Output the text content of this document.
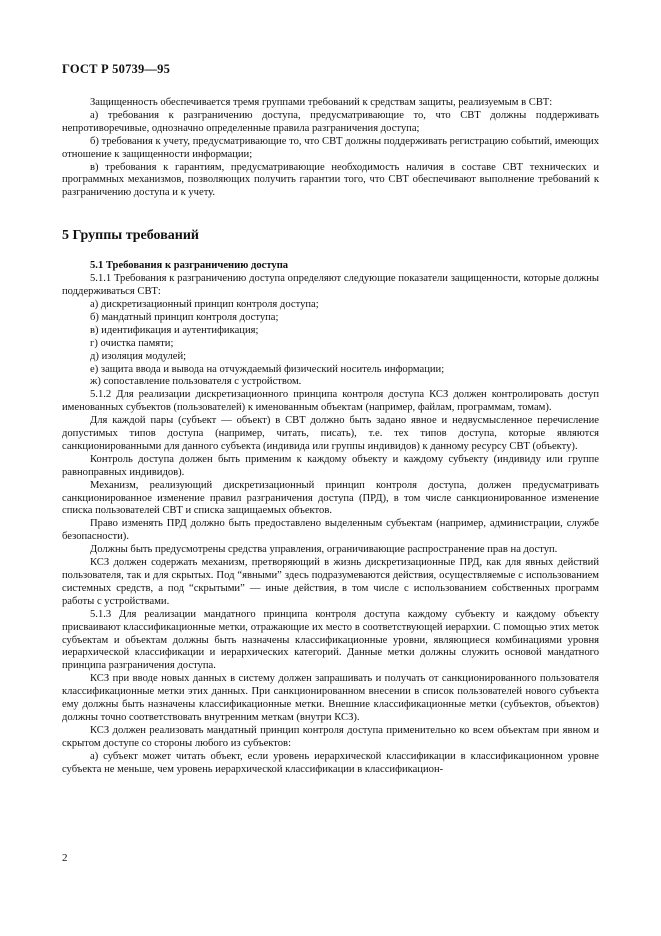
ГОСТ Р 50739—95

Защищенность обеспечивается тремя группами требований к средствам защиты, реализуемым в СВТ:

а) требования к разграничению доступа, предусматривающие то, что СВТ должны поддерживать непротиворечивые, однозначно определенные правила разграничения доступа;

б) требования к учету, предусматривающие то, что СВТ должны поддерживать регистрацию событий, имеющих отношение к защищенности информации;

в) требования к гарантиям, предусматривающие необходимость наличия в составе СВТ технических и программных механизмов, позволяющих получить гарантии того, что СВТ обеспечивают выполнение требований к разграничению доступа и к учету.

5 Группы требований

5.1 Требования к разграничению доступа

5.1.1 Требования к разграничению доступа определяют следующие показатели защищенности, которые должны поддерживаться СВТ:

а) дискретизационный принцип контроля доступа;

б) мандатный принцип контроля доступа;

в) идентификация и аутентификация;

г) очистка памяти;

д) изоляция модулей;

е) защита ввода и вывода на отчуждаемый физический носитель информации;

ж) сопоставление пользователя с устройством.

5.1.2 Для реализации дискретизационного принципа контроля доступа КСЗ должен контролировать доступ именованных субъектов (пользователей) к именованным объектам (например, файлам, программам, томам).

Для каждой пары (субъект — объект) в СВТ должно быть задано явное и недвусмысленное перечисление допустимых типов доступа (например, читать, писать), т.е. тех типов доступа, которые являются санкционированными для данного субъекта (индивида или группы индивидов) к данному ресурсу СВТ (объекту).

Контроль доступа должен быть применим к каждому объекту и каждому субъекту (индивиду или группе равноправных индивидов).

Механизм, реализующий дискретизационный принцип контроля доступа, должен предусматривать санкционированное изменение правил разграничения доступа (ПРД), в том числе санкционированное изменение списка пользователей СВТ и списка защищаемых объектов.

Право изменять ПРД должно быть предоставлено выделенным субъектам (например, администрации, службе безопасности).

Должны быть предусмотрены средства управления, ограничивающие распространение прав на доступ.

КСЗ должен содержать механизм, претворяющий в жизнь дискретизационные ПРД, как для явных действий пользователя, так и для скрытых. Под “явными” здесь подразумеваются действия, осуществляемые с использованием системных средств, а под “скрытыми” — иные действия, в том числе с использованием собственных программ работы с устройствами.

5.1.3 Для реализации мандатного принципа контроля доступа каждому субъекту и каждому объекту присваивают классификационные метки, отражающие их место в соответствующей иерархии. С помощью этих меток субъектам и объектам должны быть назначены классификационные уровни, являющиеся комбинациями уровня иерархической классификации и иерархических категорий. Данные метки должны служить основой мандатного принципа разграничения доступа.

КСЗ при вводе новых данных в систему должен запрашивать и получать от санкционированного пользователя классификационные метки этих данных. При санкционированном внесении в список пользователей нового субъекта ему должны быть назначены классификационные метки. Внешние классификационные метки (субъектов, объектов) должны точно соответствовать внутренним меткам (внутри КСЗ).

КСЗ должен реализовать мандатный принцип контроля доступа применительно ко всем объектам при явном и скрытом доступе со стороны любого из субъектов:

а) субъект может читать объект, если уровень иерархической классификации в классификационном уровне субъекта не меньше, чем уровень иерархической классификации в классификацион-

2
